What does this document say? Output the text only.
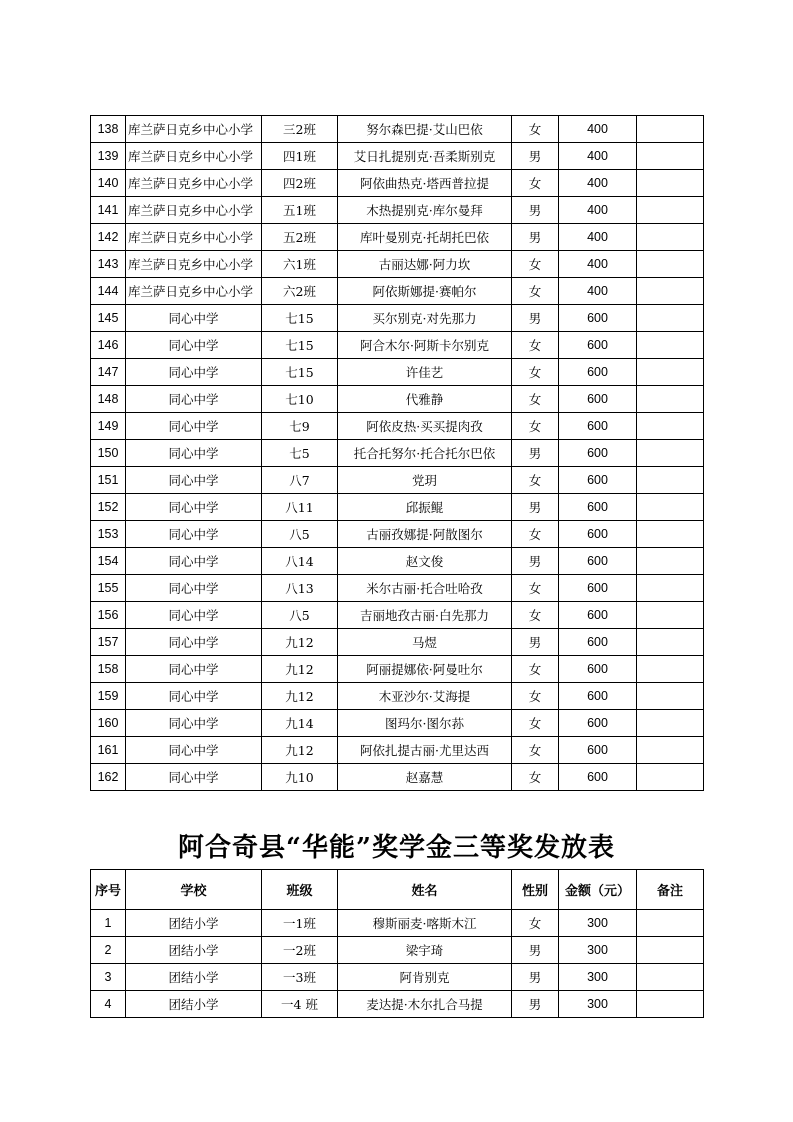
138	库兰萨日克乡中心小学	三2班	努尔森巴提·艾山巴依	女	400	
139	库兰萨日克乡中心小学	四1班	艾日扎提别克·吾柔斯别克	男	400	
140	库兰萨日克乡中心小学	四2班	阿依曲热克·塔西普拉提	女	400	
141	库兰萨日克乡中心小学	五1班	木热提别克·库尔曼拜	男	400	
142	库兰萨日克乡中心小学	五2班	库叶曼别克·托胡托巴依	男	400	
143	库兰萨日克乡中心小学	六1班	古丽达娜·阿力坎	女	400	
144	库兰萨日克乡中心小学	六2班	阿依斯娜提·赛帕尔	女	400	
145	同心中学	七15	买尔别克·对先那力	男	600	
146	同心中学	七15	阿合木尔·阿斯卡尔别克	女	600	
147	同心中学	七15	许佳艺	女	600	
148	同心中学	七10	代雅静	女	600	
149	同心中学	七9	阿依皮热·买买提肉孜	女	600	
150	同心中学	七5	托合托努尔·托合托尔巴依	男	600	
151	同心中学	八7	党玥	女	600	
152	同心中学	八11	邱振鲲	男	600	
153	同心中学	八5	古丽孜娜提·阿散图尔	女	600	
154	同心中学	八14	赵文俊	男	600	
155	同心中学	八13	米尔古丽·托合吐哈孜	女	600	
156	同心中学	八5	吉丽地孜古丽·白先那力	女	600	
157	同心中学	九12	马煜	男	600	
158	同心中学	九12	阿丽提娜依·阿曼吐尔	女	600	
159	同心中学	九12	木亚沙尔·艾海提	女	600	
160	同心中学	九14	图玛尔·图尔荪	女	600	
161	同心中学	九12	阿依扎提古丽·尤里达西	女	600	
162	同心中学	九10	赵嘉慧	女	600	
阿合奇县“华能”奖学金三等奖发放表
序号	学校	班级	姓名	性别	金额（元）	备注
1	团结小学	一1班	穆斯丽麦·喀斯木江	女	300	
2	团结小学	一2班	梁宇琦	男	300	
3	团结小学	一3班	阿肯别克	男	300	
4	团结小学	一4 班	麦达提·木尔扎合马提	男	300	
